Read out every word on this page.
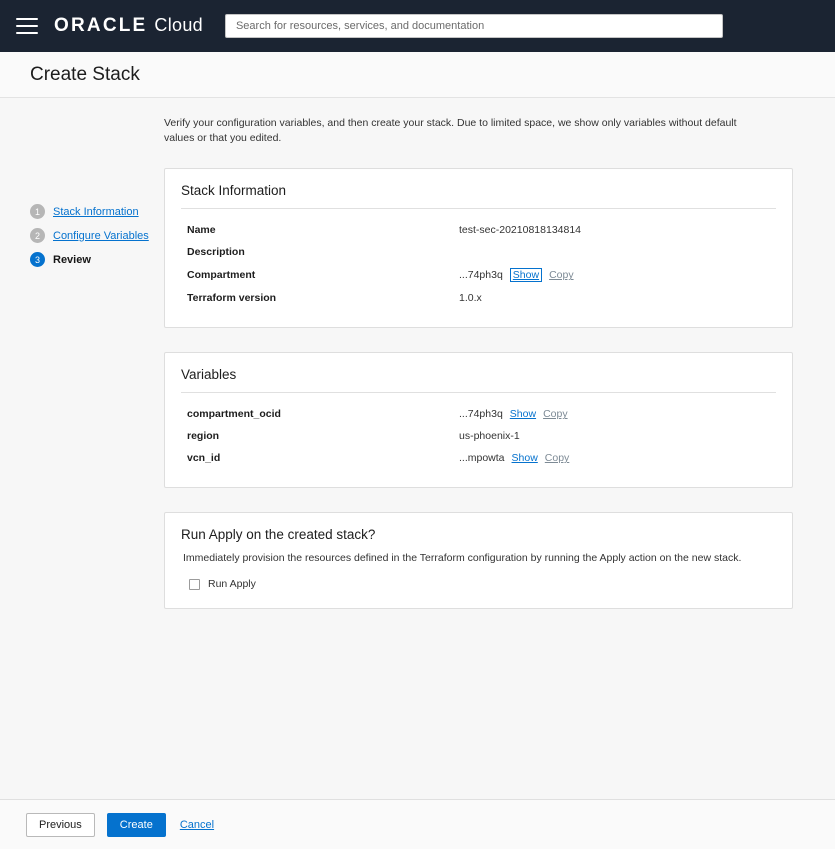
ORACLE Cloud
Search for resources, services, and documentation
Create Stack
1	Stack Information
2	Configure Variables
3	Review
Verify your configuration variables, and then create your stack. Due to limited space, we show only variables without default values or that you edited.
Stack Information
Name	test-sec-20210818134814
Description
Compartment	...74ph3q Show Copy
Terraform version	1.0.x
Variables
compartment_ocid	...74ph3q Show Copy
region	us-phoenix-1
vcn_id	...mpowta Show Copy
Run Apply on the created stack?
Immediately provision the resources defined in the Terraform configuration by running the Apply action on the new stack.
Run Apply
Previous	Create	Cancel
